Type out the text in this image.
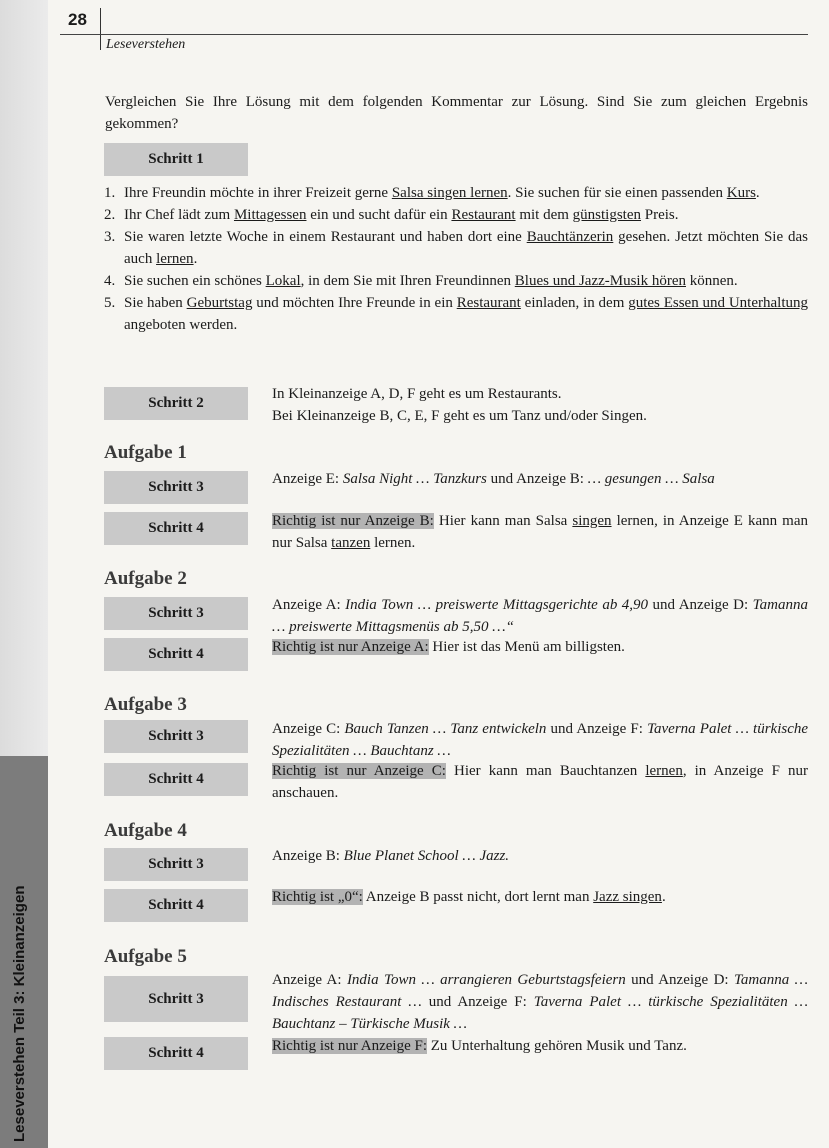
Leseverstehen Teil 3: Kleinanzeigen
28
Leseverstehen
Vergleichen Sie Ihre Lösung mit dem folgenden Kommentar zur Lösung. Sind Sie zum gleichen Ergebnis gekommen?
Schritt 1
1. Ihre Freundin möchte in ihrer Freizeit gerne Salsa singen lernen. Sie suchen für sie einen passenden Kurs.
2. Ihr Chef lädt zum Mittagessen ein und sucht dafür ein Restaurant mit dem günstigsten Preis.
3. Sie waren letzte Woche in einem Restaurant und haben dort eine Bauchtänzerin gesehen. Jetzt möchten Sie das auch lernen.
4. Sie suchen ein schönes Lokal, in dem Sie mit Ihren Freundinnen Blues und Jazz-Musik hören können.
5. Sie haben Geburtstag und möchten Ihre Freunde in ein Restaurant einladen, in dem gutes Essen und Unterhaltung angeboten werden.
Schritt 2
In Kleinanzeige A, D, F geht es um Restaurants.
Bei Kleinanzeige B, C, E, F geht es um Tanz und/oder Singen.
Aufgabe 1
Schritt 3	Anzeige E: Salsa Night … Tanzkurs und Anzeige B: … gesungen … Salsa
Schritt 4	Richtig ist nur Anzeige B: Hier kann man Salsa singen lernen, in Anzeige E kann man nur Salsa tanzen lernen.
Aufgabe 2
Schritt 3	Anzeige A: India Town … preiswerte Mittagsgerichte ab 4,90 und Anzeige D: Tamanna … preiswerte Mittagsmenüs ab 5,50 …“
Schritt 4	Richtig ist nur Anzeige A: Hier ist das Menü am billigsten.
Aufgabe 3
Schritt 3	Anzeige C: Bauch Tanzen … Tanz entwickeln und Anzeige F: Taverna Palet … türkische Spezialitäten … Bauchtanz …
Schritt 4	Richtig ist nur Anzeige C: Hier kann man Bauchtanzen lernen, in Anzeige F nur anschauen.
Aufgabe 4
Schritt 3	Anzeige B: Blue Planet School … Jazz.
Schritt 4	Richtig ist „0“: Anzeige B passt nicht, dort lernt man Jazz singen.
Aufgabe 5
Schritt 3
Anzeige A: India Town … arrangieren Geburtstagsfeiern und Anzeige D: Tamanna … Indisches Restaurant … und Anzeige F: Taverna Palet … türkische Spezialitäten … Bauchtanz – Türkische Musik …
Schritt 4	Richtig ist nur Anzeige F: Zu Unterhaltung gehören Musik und Tanz.
